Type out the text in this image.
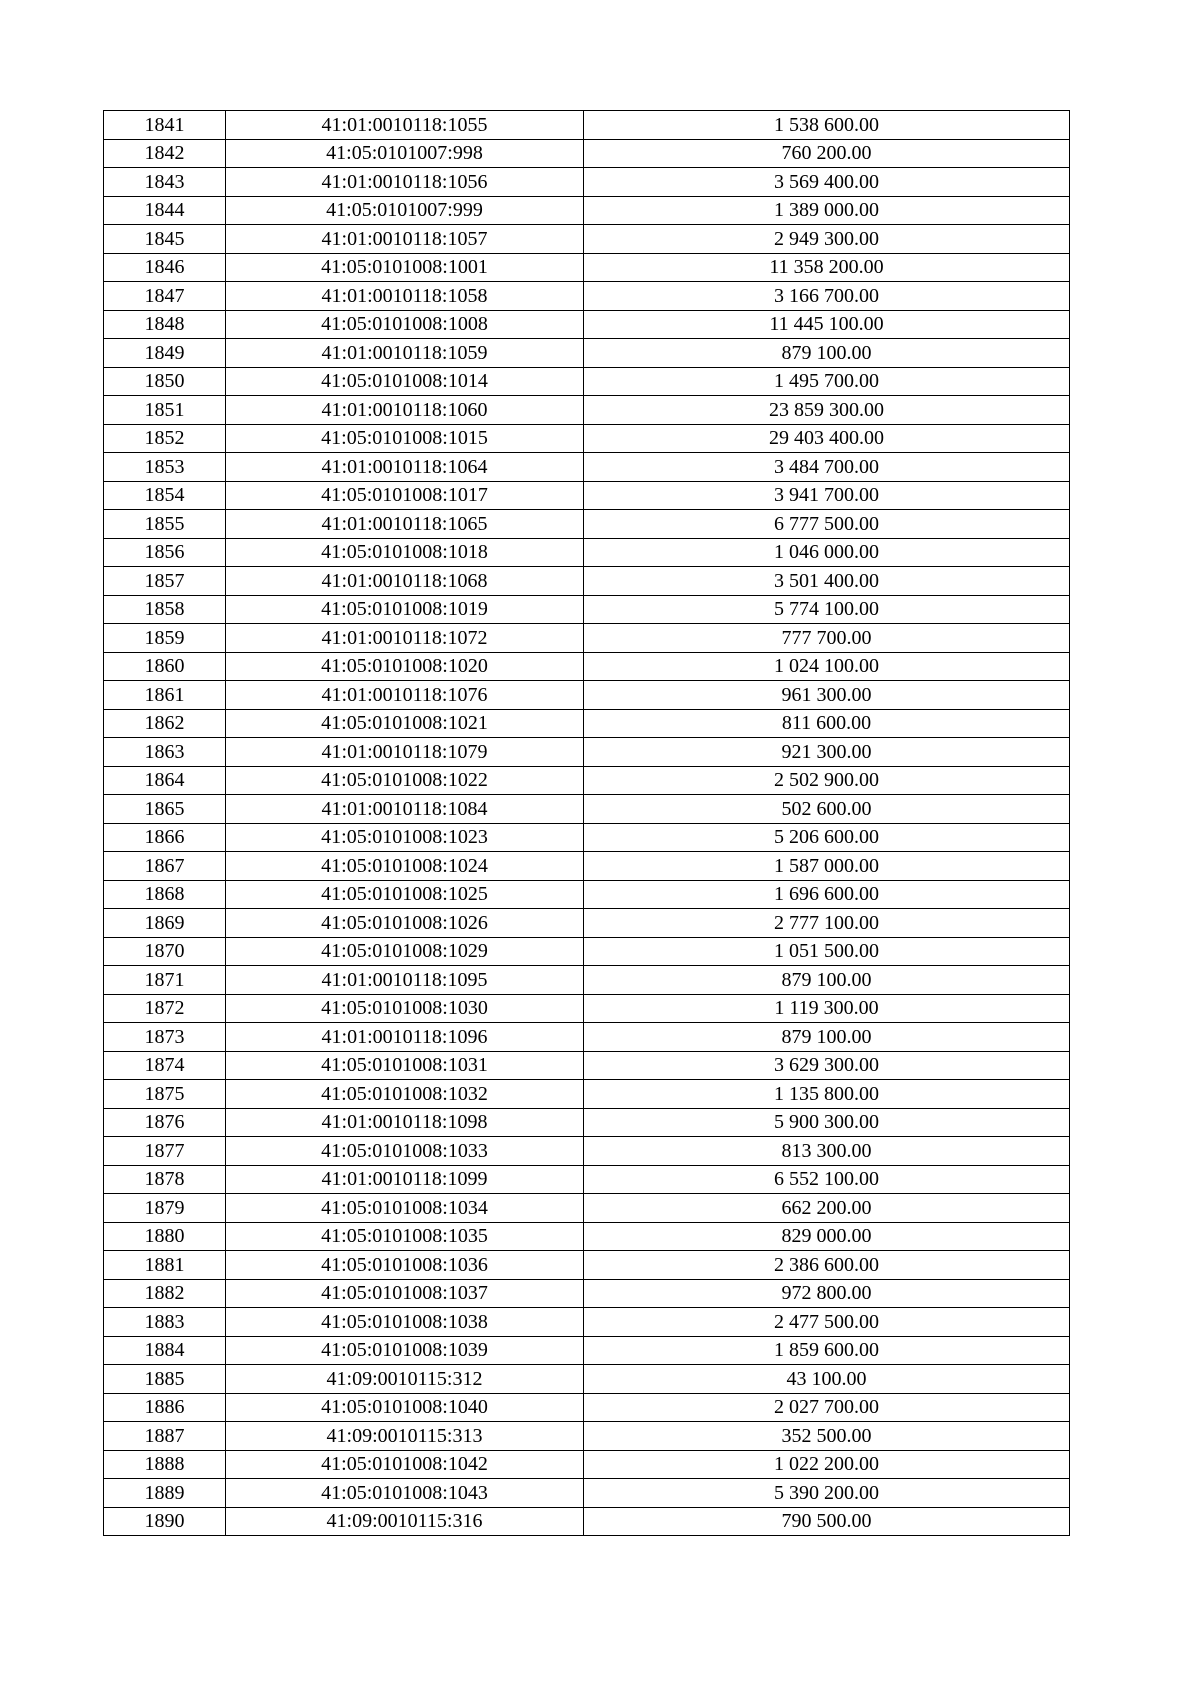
1841	41:01:0010118:1055	1 538 600.00
1842	41:05:0101007:998	760 200.00
1843	41:01:0010118:1056	3 569 400.00
1844	41:05:0101007:999	1 389 000.00
1845	41:01:0010118:1057	2 949 300.00
1846	41:05:0101008:1001	11 358 200.00
1847	41:01:0010118:1058	3 166 700.00
1848	41:05:0101008:1008	11 445 100.00
1849	41:01:0010118:1059	879 100.00
1850	41:05:0101008:1014	1 495 700.00
1851	41:01:0010118:1060	23 859 300.00
1852	41:05:0101008:1015	29 403 400.00
1853	41:01:0010118:1064	3 484 700.00
1854	41:05:0101008:1017	3 941 700.00
1855	41:01:0010118:1065	6 777 500.00
1856	41:05:0101008:1018	1 046 000.00
1857	41:01:0010118:1068	3 501 400.00
1858	41:05:0101008:1019	5 774 100.00
1859	41:01:0010118:1072	777 700.00
1860	41:05:0101008:1020	1 024 100.00
1861	41:01:0010118:1076	961 300.00
1862	41:05:0101008:1021	811 600.00
1863	41:01:0010118:1079	921 300.00
1864	41:05:0101008:1022	2 502 900.00
1865	41:01:0010118:1084	502 600.00
1866	41:05:0101008:1023	5 206 600.00
1867	41:05:0101008:1024	1 587 000.00
1868	41:05:0101008:1025	1 696 600.00
1869	41:05:0101008:1026	2 777 100.00
1870	41:05:0101008:1029	1 051 500.00
1871	41:01:0010118:1095	879 100.00
1872	41:05:0101008:1030	1 119 300.00
1873	41:01:0010118:1096	879 100.00
1874	41:05:0101008:1031	3 629 300.00
1875	41:05:0101008:1032	1 135 800.00
1876	41:01:0010118:1098	5 900 300.00
1877	41:05:0101008:1033	813 300.00
1878	41:01:0010118:1099	6 552 100.00
1879	41:05:0101008:1034	662 200.00
1880	41:05:0101008:1035	829 000.00
1881	41:05:0101008:1036	2 386 600.00
1882	41:05:0101008:1037	972 800.00
1883	41:05:0101008:1038	2 477 500.00
1884	41:05:0101008:1039	1 859 600.00
1885	41:09:0010115:312	43 100.00
1886	41:05:0101008:1040	2 027 700.00
1887	41:09:0010115:313	352 500.00
1888	41:05:0101008:1042	1 022 200.00
1889	41:05:0101008:1043	5 390 200.00
1890	41:09:0010115:316	790 500.00
